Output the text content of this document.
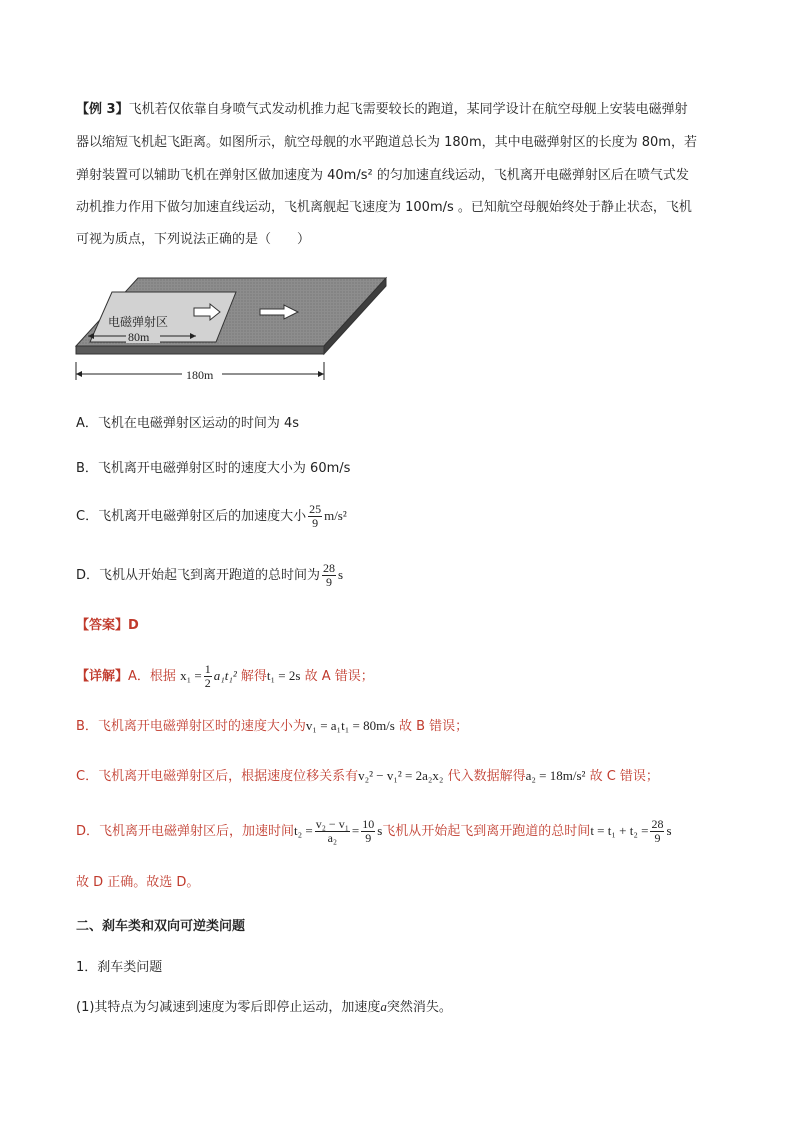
【例 3】飞机若仅依靠自身喷气式发动机推力起飞需要较长的跑道，某同学设计在航空母舰上安装电磁弹射
器以缩短飞机起飞距离。如图所示，航空母舰的水平跑道总长为 180m，其中电磁弹射区的长度为 80m，若
弹射装置可以辅助飞机在弹射区做加速度为 40m/s² 的匀加速直线运动，飞机离开电磁弹射区后在喷气式发
动机推力作用下做匀加速直线运动，飞机离舰起飞速度为 100m/s 。已知航空母舰始终处于静止状态，飞机
可视为质点，下列说法正确的是（　　）
电磁弹射区
80m
180m
A．飞机在电磁弹射区运动的时间为 4s
B．飞机离开电磁弹射区时的速度大小为 60m/s
C．飞机离开电磁弹射区后的加速度大小 $\frac{25}{9} m/s^2$
D．飞机从开始起飞到离开跑道的总时间为 $\frac{28}{9}$ s
【答案】D
【详解】A．根据 $x_1 = \frac{1}{2} a_1t_1^2$ 解得t₁ = 2s 故 A 错误；
B．飞机离开电磁弹射区时的速度大小为v₁ = a₁t₁ = 80m/s 故 B 错误；
C．飞机离开电磁弹射区后，根据速度位移关系有v₂² − v₁² = 2a₂x₂ 代入数据解得a₂ = 18m/s² 故 C 错误；
D．飞机离开电磁弹射区后，加速时间$t_2 = \frac{\text{v₂ − v₁}}{\text{a₂}} = \frac{10}{9}$ s飞机从开始起飞到离开跑道的总时间$t = t_1 + t_2 = \frac{28}{9}$ s
故 D 正确。故选 D。
二、刹车类和双向可逆类问题
1．刹车类问题
(1)其特点为匀减速到速度为零后即停止运动，加速度a突然消失。
